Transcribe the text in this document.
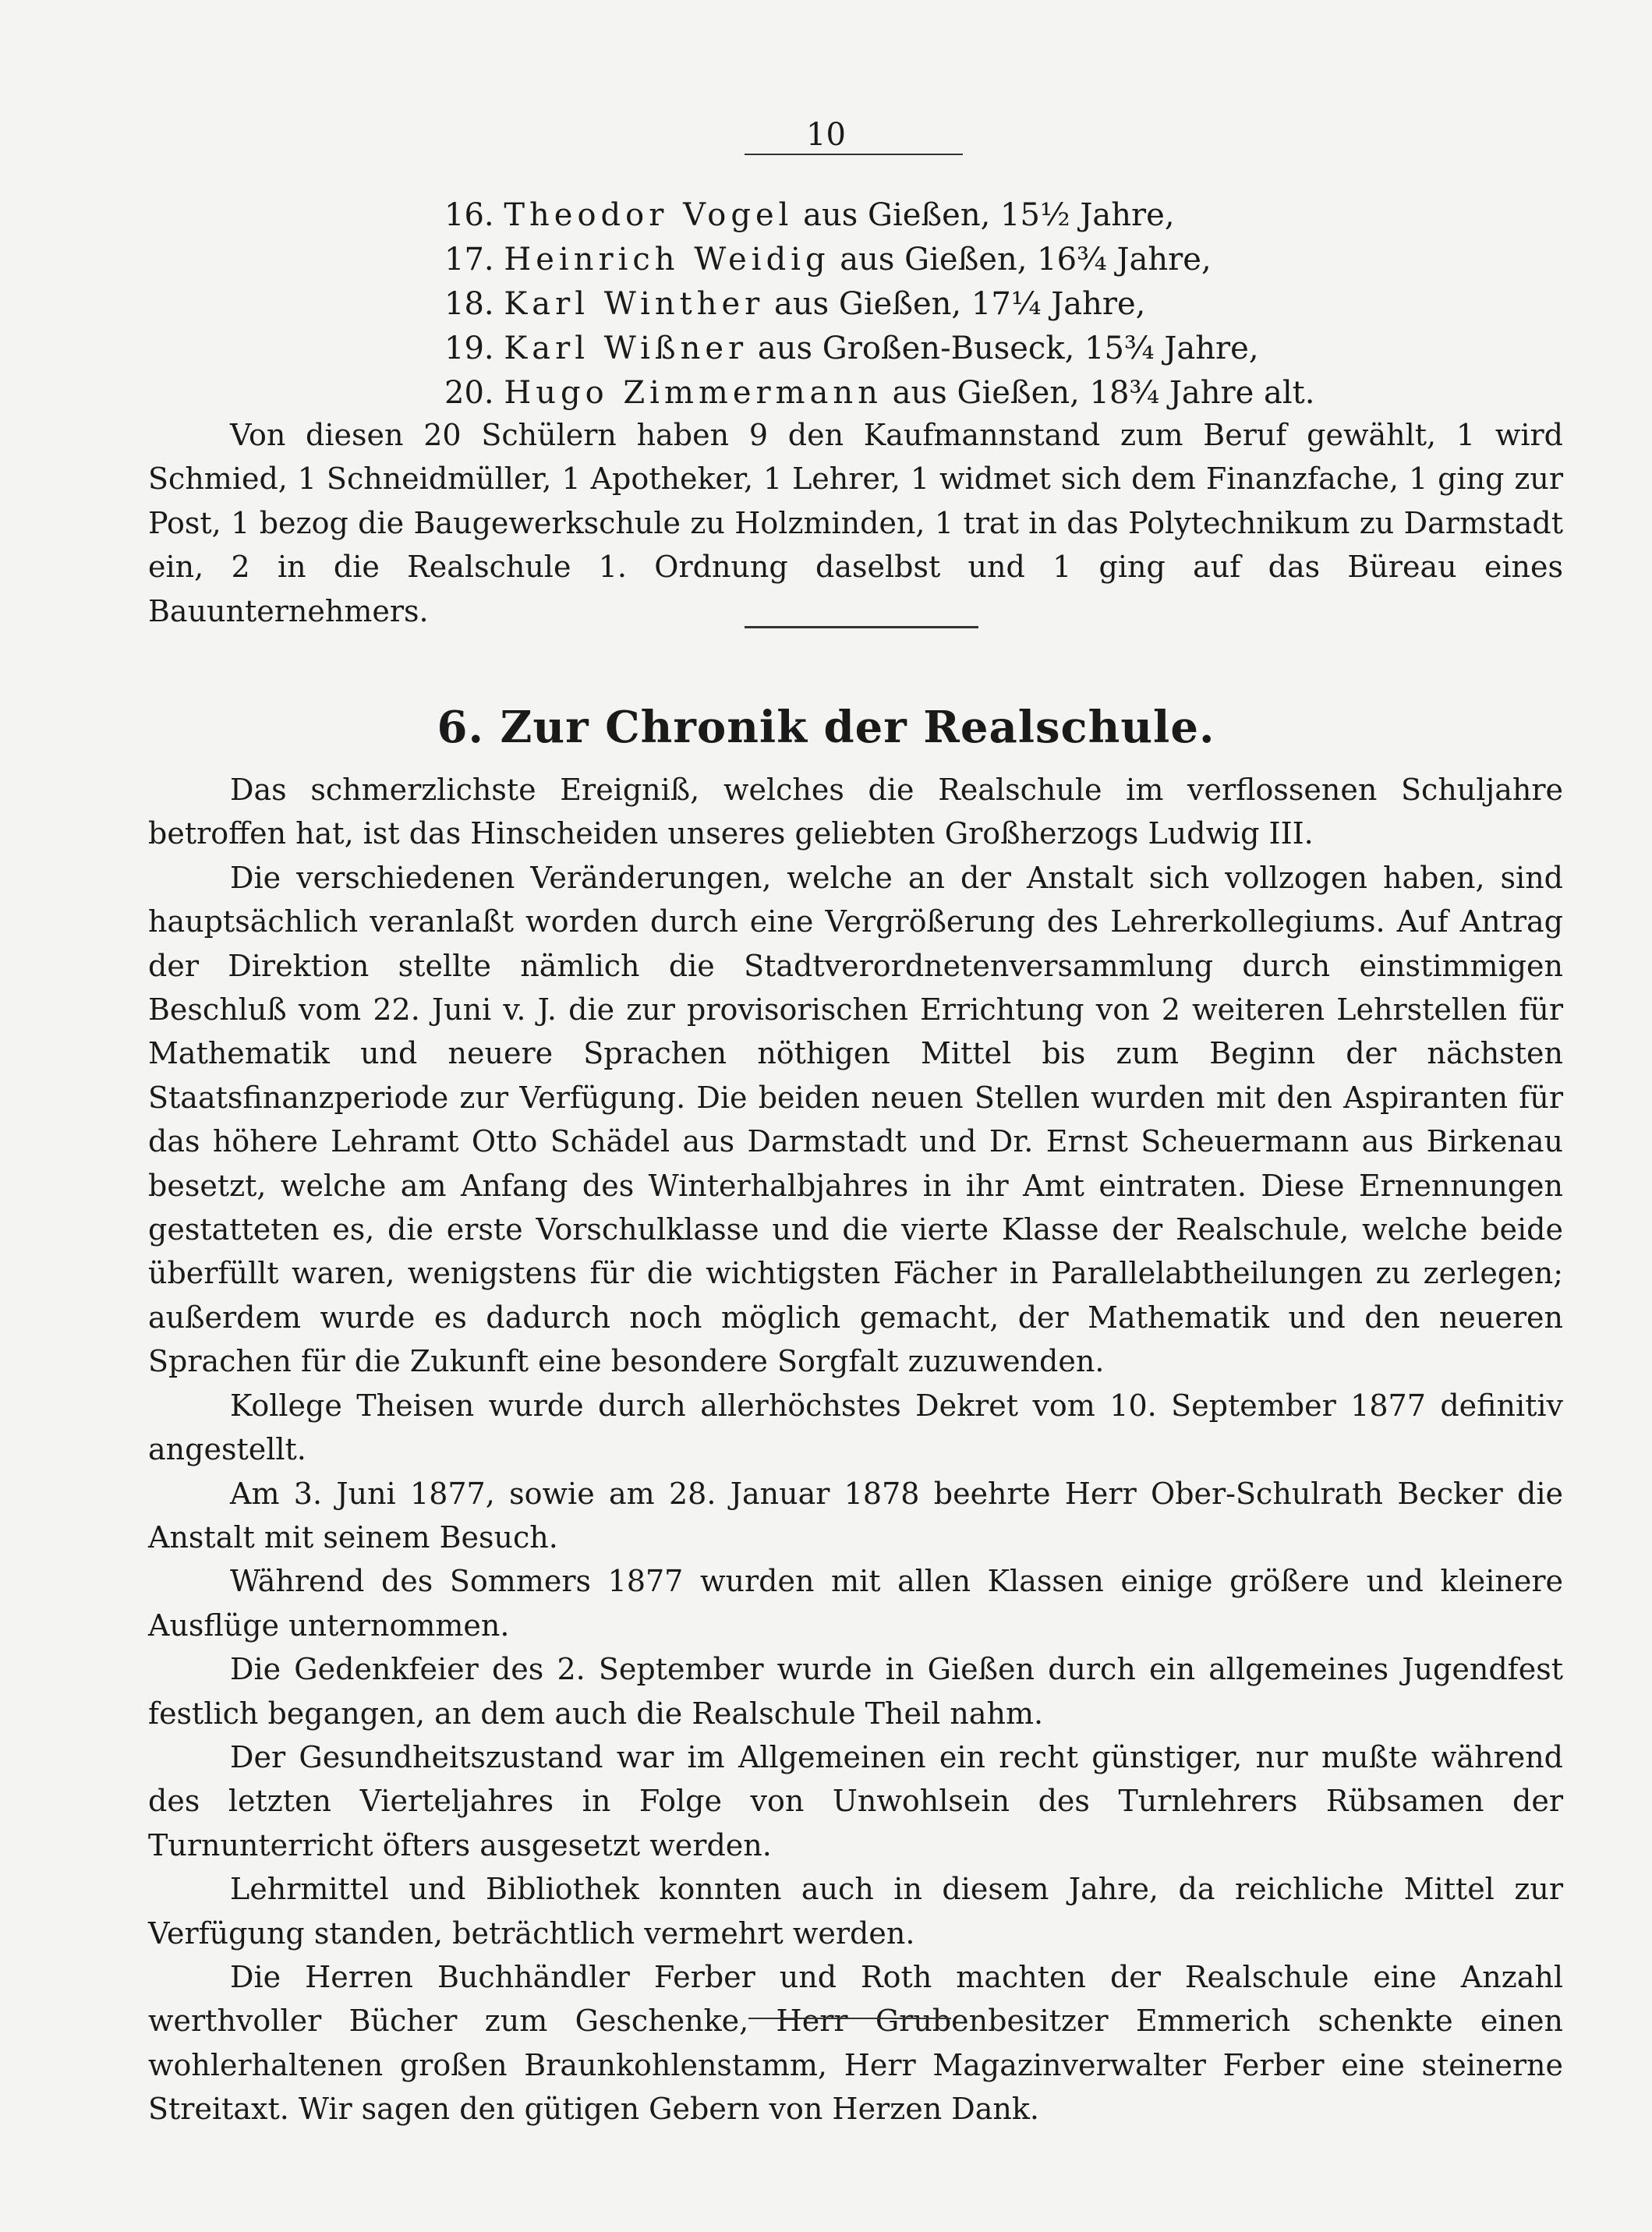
10
16. Theodor Vogel aus Gießen, 15½ Jahre,
17. Heinrich Weidig aus Gießen, 16¾ Jahre,
18. Karl Winther aus Gießen, 17¼ Jahre,
19. Karl Wißner aus Großen-Buseck, 15¾ Jahre,
20. Hugo Zimmermann aus Gießen, 18¾ Jahre alt.

Von diesen 20 Schülern haben 9 den Kaufmannstand zum Beruf gewählt, 1 wird Schmied, 1 Schneidmüller, 1 Apotheker, 1 Lehrer, 1 widmet sich dem Finanzfache, 1 ging zur Post, 1 bezog die Baugewerkschule zu Holzminden, 1 trat in das Polytechnikum zu Darmstadt ein, 2 in die Realschule 1. Ordnung daselbst und 1 ging auf das Büreau eines Bauunternehmers.

6. Zur Chronik der Realschule.

Das schmerzlichste Ereigniß, welches die Realschule im verflossenen Schuljahre betroffen hat, ist das Hinscheiden unseres geliebten Großherzogs Ludwig III.

Die verschiedenen Veränderungen, welche an der Anstalt sich vollzogen haben, sind hauptsächlich veranlaßt worden durch eine Vergrößerung des Lehrerkollegiums. Auf Antrag der Direktion stellte nämlich die Stadtverordnetenversammlung durch einstimmigen Beschluß vom 22. Juni v. J. die zur provisorischen Errichtung von 2 weiteren Lehrstellen für Mathematik und neuere Sprachen nöthigen Mittel bis zum Beginn der nächsten Staatsfinanzperiode zur Verfügung. Die beiden neuen Stellen wurden mit den Aspiranten für das höhere Lehramt Otto Schädel aus Darmstadt und Dr. Ernst Scheuermann aus Birkenau besetzt, welche am Anfang des Winterhalbjahres in ihr Amt eintraten. Diese Ernennungen gestatteten es, die erste Vorschulklasse und die vierte Klasse der Realschule, welche beide überfüllt waren, wenigstens für die wichtigsten Fächer in Parallelabtheilungen zu zerlegen; außerdem wurde es dadurch noch möglich gemacht, der Mathematik und den neueren Sprachen für die Zukunft eine besondere Sorgfalt zuzuwenden.

Kollege Theisen wurde durch allerhöchstes Dekret vom 10. September 1877 definitiv angestellt.

Am 3. Juni 1877, sowie am 28. Januar 1878 beehrte Herr Ober-Schulrath Becker die Anstalt mit seinem Besuch.

Während des Sommers 1877 wurden mit allen Klassen einige größere und kleinere Ausflüge unternommen.

Die Gedenkfeier des 2. September wurde in Gießen durch ein allgemeines Jugendfest festlich begangen, an dem auch die Realschule Theil nahm.

Der Gesundheitszustand war im Allgemeinen ein recht günstiger, nur mußte während des letzten Vierteljahres in Folge von Unwohlsein des Turnlehrers Rübsamen der Turnunterricht öfters ausgesetzt werden.

Lehrmittel und Bibliothek konnten auch in diesem Jahre, da reichliche Mittel zur Verfügung standen, beträchtlich vermehrt werden.

Die Herren Buchhändler Ferber und Roth machten der Realschule eine Anzahl werthvoller Bücher zum Geschenke, Herr Grubenbesitzer Emmerich schenkte einen wohlerhaltenen großen Braunkohlenstamm, Herr Magazinverwalter Ferber eine steinerne Streitaxt. Wir sagen den gütigen Gebern von Herzen Dank.
